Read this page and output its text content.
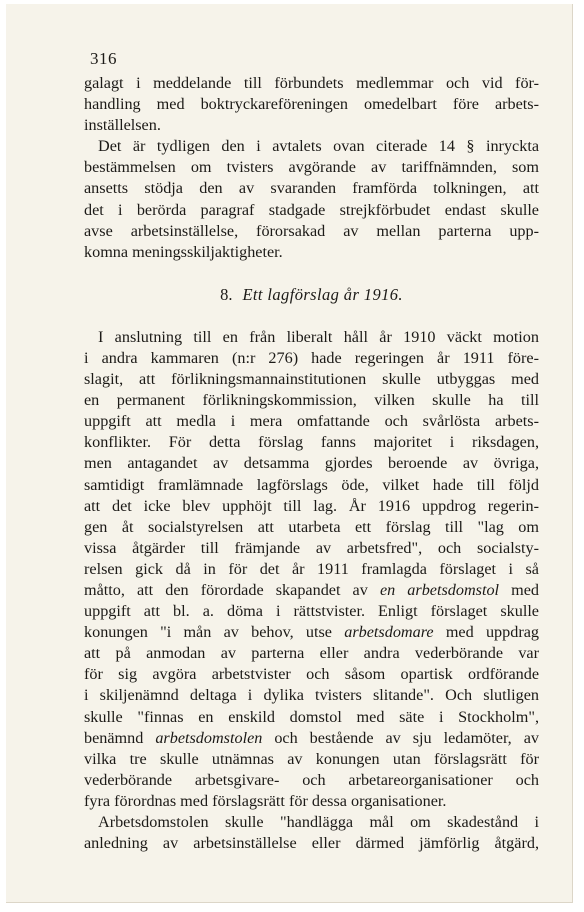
316
galagt i meddelande till förbundets medlemmar och vid för-
handling med boktryckareföreningen omedelbart före arbets-
inställelsen.
Det är tydligen den i avtalets ovan citerade 14 § inryckta
bestämmelsen om tvisters avgörande av tariffnämnden, som
ansetts stödja den av svaranden framförda tolkningen, att
det i berörda paragraf stadgade strejkförbudet endast skulle
avse arbetsinställelse, förorsakad av mellan parterna upp-
komna meningsskiljaktigheter.
8. Ett lagförslag år 1916.
I anslutning till en från liberalt håll år 1910 väckt motion
i andra kammaren (n:r 276) hade regeringen år 1911 före-
slagit, att förlikningsmannainstitutionen skulle utbyggas med
en permanent förlikningskommission, vilken skulle ha till
uppgift att medla i mera omfattande och svårlösta arbets-
konflikter. För detta förslag fanns majoritet i riksdagen,
men antagandet av detsamma gjordes beroende av övriga,
samtidigt framlämnade lagförslags öde, vilket hade till följd
att det icke blev upphöjt till lag. År 1916 uppdrog regerin-
gen åt socialstyrelsen att utarbeta ett förslag till "lag om
vissa åtgärder till främjande av arbetsfred", och socialsty-
relsen gick då in för det år 1911 framlagda förslaget i så
måtto, att den förordade skapandet av en arbetsdomstol med
uppgift att bl. a. döma i rättstvister. Enligt förslaget skulle
konungen "i mån av behov, utse arbetsdomare med uppdrag
att på anmodan av parterna eller andra vederbörande var
för sig avgöra arbetstvister och såsom opartisk ordförande
i skiljenämnd deltaga i dylika tvisters slitande". Och slutligen
skulle "finnas en enskild domstol med säte i Stockholm",
benämnd arbetsdomstolen och bestående av sju ledamöter, av
vilka tre skulle utnämnas av konungen utan förslagsrätt för
vederbörande arbetsgivare- och arbetareorganisationer och
fyra förordnas med förslagsrätt för dessa organisationer.
Arbetsdomstolen skulle "handlägga mål om skadestånd i
anledning av arbetsinställelse eller därmed jämförlig åtgärd,
